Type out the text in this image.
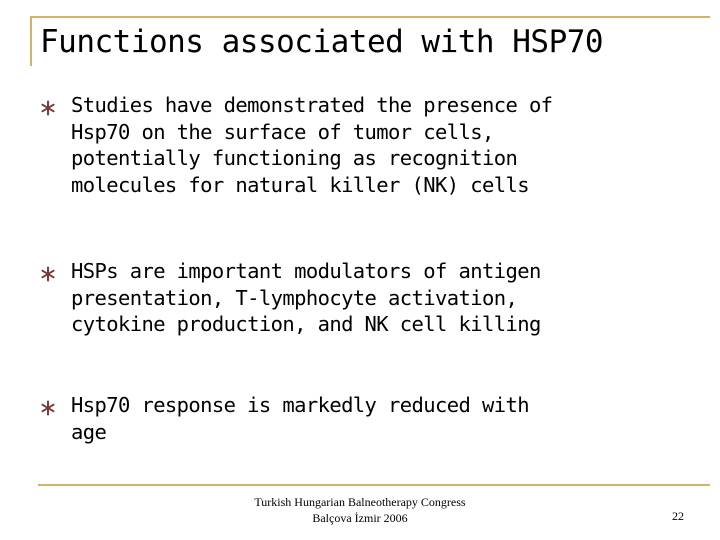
Functions associated with HSP70
Studies have demonstrated the presence of
Hsp70 on the surface of tumor cells,
potentially functioning as recognition
molecules for natural killer (NK) cells
HSPs are important modulators of antigen
presentation, T-lymphocyte activation,
cytokine production, and NK cell killing
Hsp70 response is markedly reduced with
age
Turkish Hungarian Balneotherapy Congress
Balçova İzmir 2006	22
